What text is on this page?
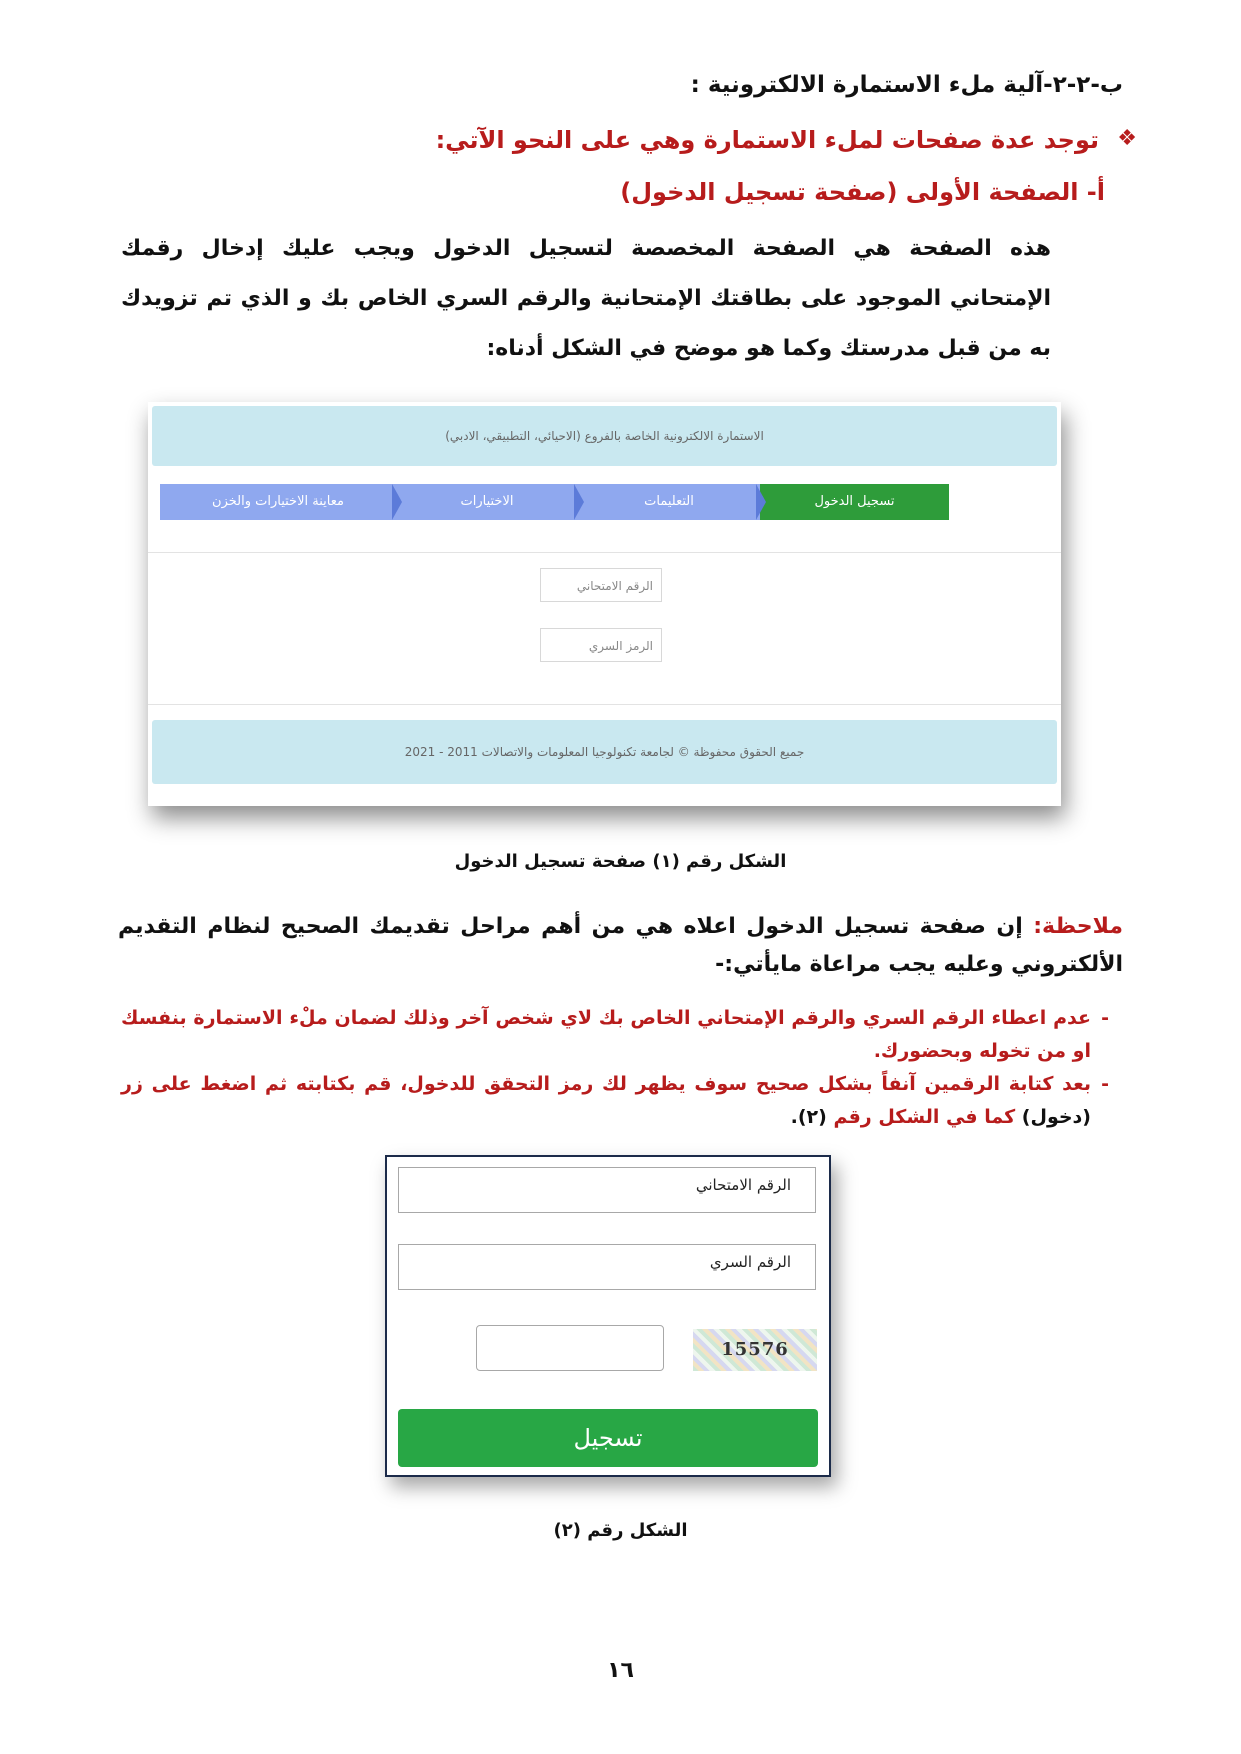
ب-٢-٢-آلية ملء الاستمارة الالكترونية :
❖
توجد عدة صفحات لملء الاستمارة وهي على النحو الآتي:
أ- الصفحة الأولى (صفحة تسجيل الدخول)
هذه الصفحة هي الصفحة المخصصة لتسجيل الدخول ويجب عليك إدخال رقمك الإمتحاني الموجود على بطاقتك الإمتحانية والرقم السري الخاص بك و الذي تم تزويدك به من قبل مدرستك وكما هو موضح في الشكل أدناه:
الاستمارة الالكترونية الخاصة بالفروع (الاحيائي، التطبيقي، الادبي)
معاينة الاختيارات والخزن	الاختيارات	التعليمات	تسجيل الدخول
الرقم الامتحاني
الرمز السري
جميع الحقوق محفوظة © لجامعة تكنولوجيا المعلومات والاتصالات 2011 - 2021
الشكل رقم (١) صفحة تسجيل الدخول
ملاحظة: إن صفحة تسجيل الدخول اعلاه هي من أهم مراحل تقديمك الصحيح لنظام التقديم الألكتروني وعليه يجب مراعاة مايأتي:-
-
عدم اعطاء الرقم السري والرقم الإمتحاني الخاص بك لاي شخص آخر وذلك لضمان ملْء الاستمارة بنفسك او من تخوله وبحضورك.
-
بعد كتابة الرقمين آنفاً بشكل صحيح سوف يظهر لك رمز التحقق للدخول، قم بكتابته ثم اضغط على زر (دخول) كما في الشكل رقم (٢).
الرقم الامتحاني
الرقم السري
15576
تسجيل
الشكل رقم (٢)
١٦
